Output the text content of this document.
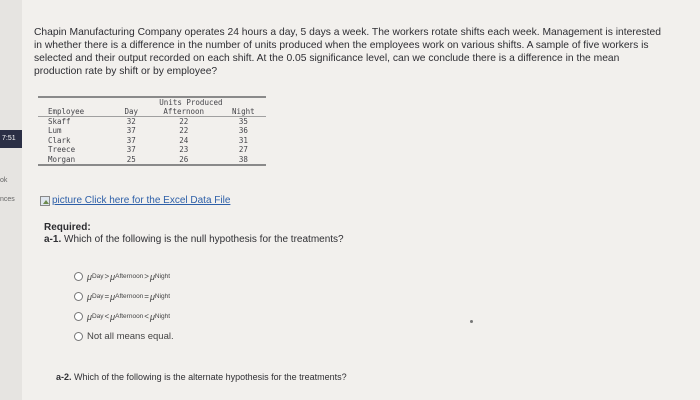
7:51
ok
nces
Chapin Manufacturing Company operates 24 hours a day, 5 days a week. The workers rotate shifts each week. Management is interested in whether there is a difference in the number of units produced when the employees work on various shifts. A sample of five workers is selected and their output recorded on each shift. At the 0.05 significance level, can we conclude there is a difference in the mean production rate by shift or by employee?
	Units Produced		
Employee	Day	Afternoon	Night
Skaff	32	22	35
Lum	37	22	36
Clark	37	24	31
Treece	37	23	27
Morgan	25	26	38
picture Click here for the Excel Data File
Required:
a-1. Which of the following is the null hypothesis for the treatments?
μ Day > μ Afternoon > μ Night
μ Day = μ Afternoon = μ Night
μ Day < μ Afternoon < μ Night
Not all means equal.
a-2. Which of the following is the alternate hypothesis for the treatments?
